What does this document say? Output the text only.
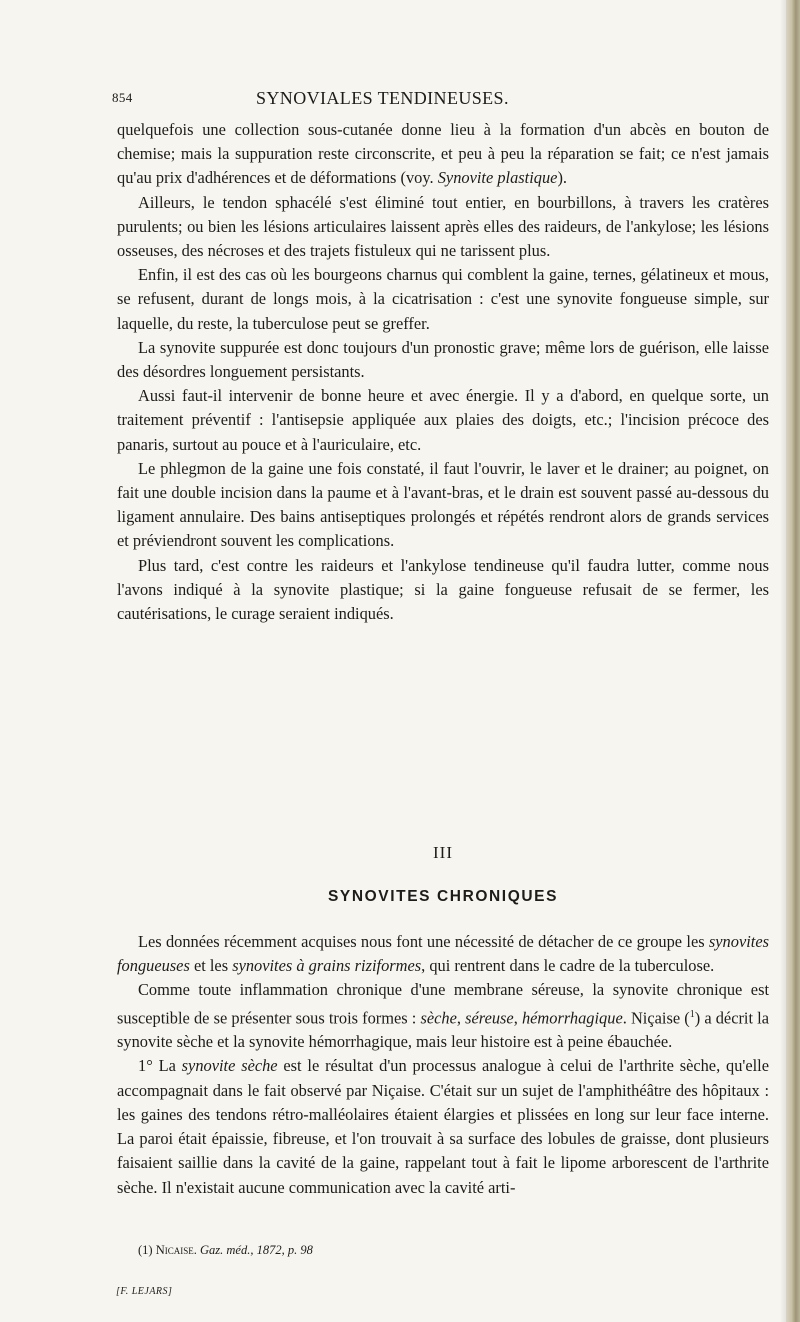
854	SYNOVIALES TENDINEUSES.

quelquefois une collection sous-cutanée donne lieu à la formation d'un abcès en bouton de chemise; mais la suppuration reste circonscrite, et peu à peu la réparation se fait; ce n'est jamais qu'au prix d'adhérences et de déformations (voy. Synovite plastique).

Ailleurs, le tendon sphacélé s'est éliminé tout entier, en bourbillons, à travers les cratères purulents; ou bien les lésions articulaires laissent après elles des raideurs, de l'ankylose; les lésions osseuses, des nécroses et des trajets fistuleux qui ne tarissent plus.

Enfin, il est des cas où les bourgeons charnus qui comblent la gaine, ternes, gélatineux et mous, se refusent, durant de longs mois, à la cicatrisation : c'est une synovite fongueuse simple, sur laquelle, du reste, la tuberculose peut se greffer.

La synovite suppurée est donc toujours d'un pronostic grave; même lors de guérison, elle laisse des désordres longuement persistants.

Aussi faut-il intervenir de bonne heure et avec énergie. Il y a d'abord, en quelque sorte, un traitement préventif : l'antisepsie appliquée aux plaies des doigts, etc.; l'incision précoce des panaris, surtout au pouce et à l'auriculaire, etc.

Le phlegmon de la gaine une fois constaté, il faut l'ouvrir, le laver et le drainer; au poignet, on fait une double incision dans la paume et à l'avant-bras, et le drain est souvent passé au-dessous du ligament annulaire. Des bains antiseptiques prolongés et répétés rendront alors de grands services et préviendront souvent les complications.

Plus tard, c'est contre les raideurs et l'ankylose tendineuse qu'il faudra lutter, comme nous l'avons indiqué à la synovite plastique; si la gaine fongueuse refusait de se fermer, les cautérisations, le curage seraient indiqués.

III
SYNOVITES CHRONIQUES

Les données récemment acquises nous font une nécessité de détacher de ce groupe les synovites fongueuses et les synovites à grains riziformes, qui rentrent dans le cadre de la tuberculose.

Comme toute inflammation chronique d'une membrane séreuse, la synovite chronique est susceptible de se présenter sous trois formes : sèche, séreuse, hémorrhagique. Niçaise ($^1$) a décrit la synovite sèche et la synovite hémorrhagique, mais leur histoire est à peine ébauchée.

1° La synovite sèche est le résultat d'un processus analogue à celui de l'arthrite sèche, qu'elle accompagnait dans le fait observé par Niçaise. C'était sur un sujet de l'amphithéâtre des hôpitaux : les gaines des tendons rétro-malléolaires étaient élargies et plissées en long sur leur face interne. La paroi était épaissie, fibreuse, et l'on trouvait à sa surface des lobules de graisse, dont plusieurs faisaient saillie dans la cavité de la gaine, rappelant tout à fait le lipome arborescent de l'arthrite sèche. Il n'existait aucune communication avec la cavité arti-

(1) Nicaise. Gaz. méd., 1872, p. 98
[F. LEJARS]
